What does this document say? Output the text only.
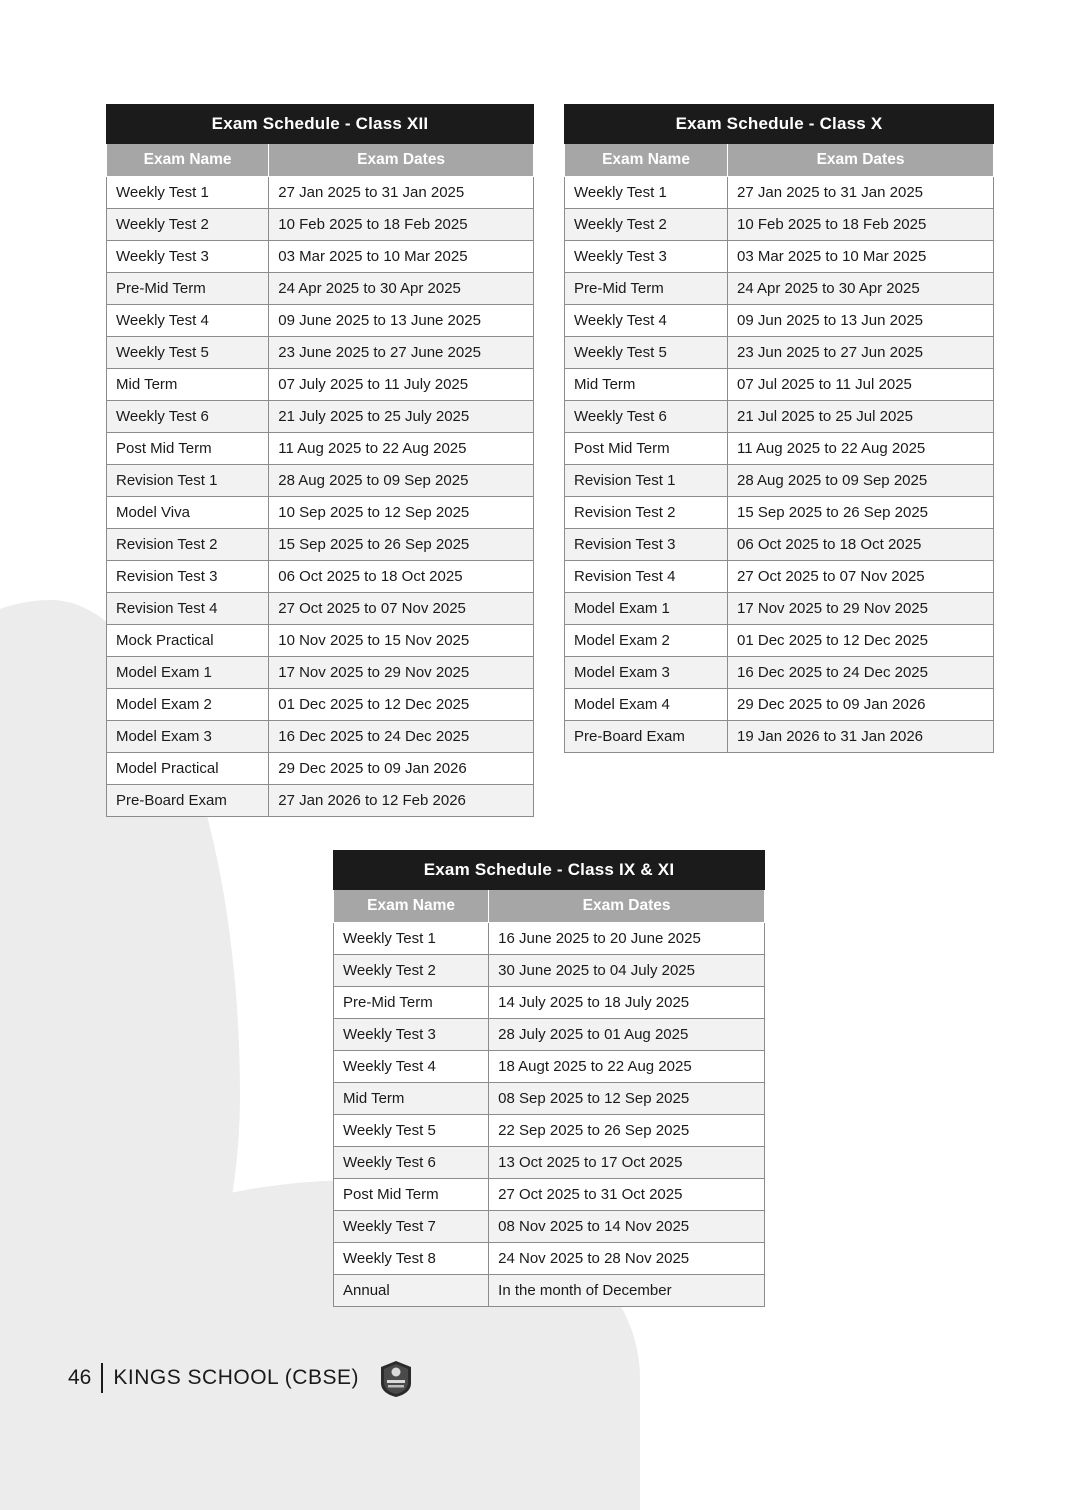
Exam Schedule - Class XII	
Exam Name	Exam Dates
Weekly Test 1	27 Jan 2025 to 31 Jan 2025
Weekly Test 2	10 Feb 2025 to 18 Feb 2025
Weekly Test 3	03 Mar 2025 to 10 Mar 2025
Pre-Mid Term	24 Apr 2025 to 30 Apr 2025
Weekly Test 4	09 June 2025 to 13 June 2025
Weekly Test 5	23 June 2025 to 27 June 2025
Mid Term	07 July 2025 to 11 July 2025
Weekly Test 6	21 July 2025 to 25 July 2025
Post Mid Term	11 Aug 2025 to 22 Aug 2025
Revision Test 1	28 Aug 2025 to 09 Sep 2025
Model Viva	10 Sep 2025 to 12 Sep 2025
Revision Test 2	15 Sep 2025 to 26 Sep 2025
Revision Test 3	06 Oct 2025 to 18 Oct 2025
Revision Test 4	27 Oct 2025 to 07 Nov 2025
Mock Practical	10 Nov 2025 to 15 Nov 2025
Model Exam 1	17 Nov 2025 to 29 Nov 2025
Model Exam 2	01 Dec 2025 to 12 Dec 2025
Model Exam 3	16 Dec 2025 to 24 Dec 2025
Model Practical	29 Dec 2025 to 09 Jan 2026
Pre-Board Exam	27 Jan 2026 to 12 Feb 2026
Exam Schedule - Class X	
Exam Name	Exam Dates
Weekly Test 1	27 Jan 2025 to 31 Jan 2025
Weekly Test 2	10 Feb 2025 to 18 Feb 2025
Weekly Test 3	03 Mar 2025 to 10 Mar 2025
Pre-Mid Term	24 Apr 2025 to 30 Apr 2025
Weekly Test 4	09 Jun 2025 to 13 Jun 2025
Weekly Test 5	23 Jun 2025 to 27 Jun 2025
Mid Term	07 Jul 2025 to 11 Jul 2025
Weekly Test 6	21 Jul 2025 to 25 Jul 2025
Post Mid Term	11 Aug 2025 to 22 Aug 2025
Revision Test 1	28 Aug 2025 to 09 Sep 2025
Revision Test 2	15 Sep 2025 to 26 Sep 2025
Revision Test 3	06 Oct 2025 to 18 Oct 2025
Revision Test 4	27 Oct 2025 to 07 Nov 2025
Model Exam 1	17 Nov 2025 to 29 Nov 2025
Model Exam 2	01 Dec 2025 to 12 Dec 2025
Model Exam 3	16 Dec 2025 to 24 Dec 2025
Model Exam 4	29 Dec 2025 to 09 Jan 2026
Pre-Board Exam	19 Jan 2026 to 31 Jan 2026
Exam Schedule - Class IX & XI	
Exam Name	Exam Dates
Weekly Test 1	16 June 2025 to 20 June 2025
Weekly Test 2	30 June 2025 to 04 July 2025
Pre-Mid Term	14 July 2025 to 18 July 2025
Weekly Test 3	28 July 2025 to 01 Aug 2025
Weekly Test 4	18 Augt 2025 to 22 Aug 2025
Mid Term	08 Sep 2025 to 12 Sep 2025
Weekly Test 5	22 Sep 2025 to 26 Sep 2025
Weekly Test 6	13 Oct 2025 to 17 Oct 2025
Post Mid Term	27 Oct 2025 to 31 Oct 2025
Weekly Test 7	08 Nov 2025 to 14 Nov 2025
Weekly Test 8	24 Nov 2025 to 28 Nov 2025
Annual	In the month of December
46 KINGS SCHOOL (CBSE)
